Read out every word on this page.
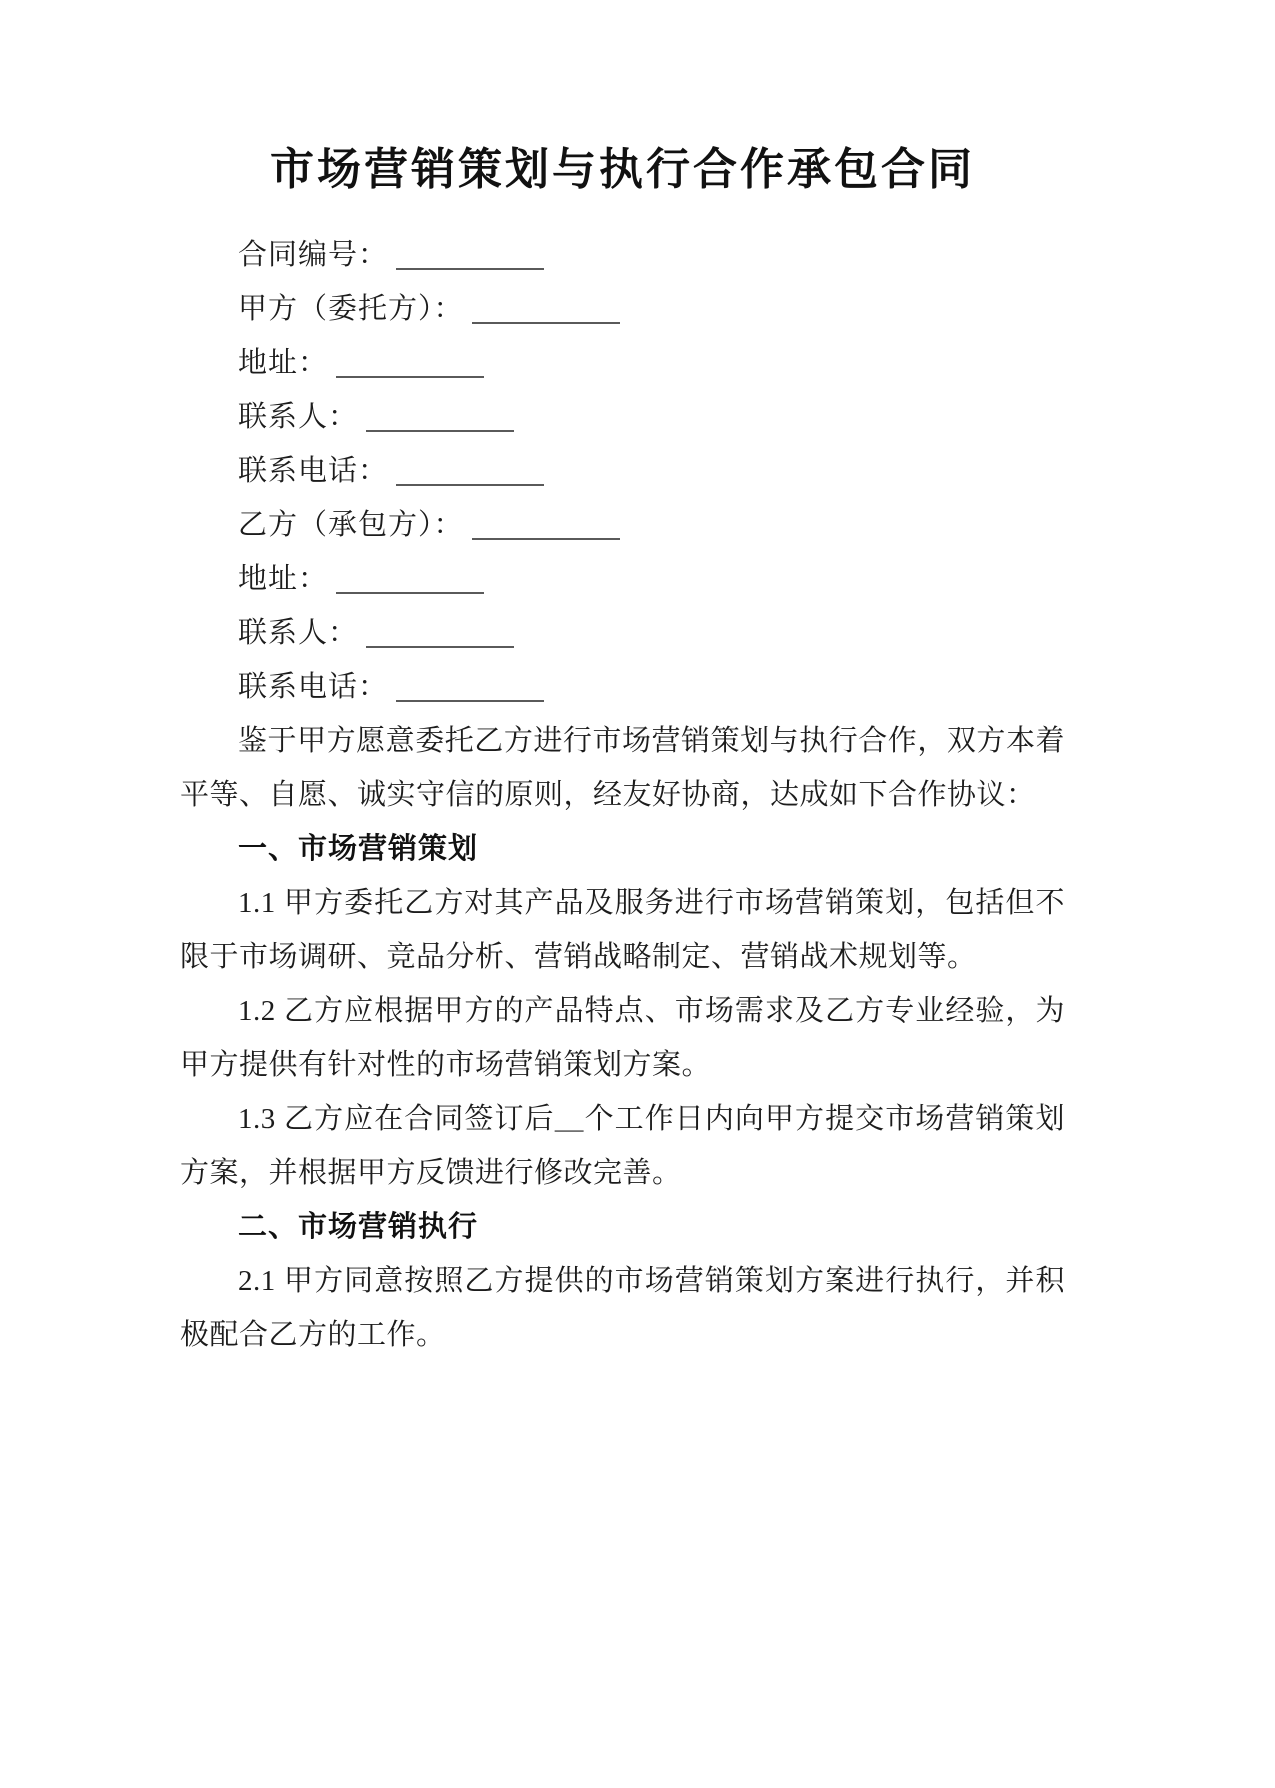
市场营销策划与执行合作承包合同
合同编号：
甲方（委托方）：
地址：
联系人：
联系电话：
乙方（承包方）：
地址：
联系人：
联系电话：

鉴于甲方愿意委托乙方进行市场营销策划与执行合作，双方本着平等、自愿、诚实守信的原则，经友好协商，达成如下合作协议：

一、市场营销策划

1.1 甲方委托乙方对其产品及服务进行市场营销策划，包括但不限于市场调研、竞品分析、营销战略制定、营销战术规划等。

1.2 乙方应根据甲方的产品特点、市场需求及乙方专业经验，为甲方提供有针对性的市场营销策划方案。

1.3 乙方应在合同签订后＿个工作日内向甲方提交市场营销策划方案，并根据甲方反馈进行修改完善。

二、市场营销执行

2.1 甲方同意按照乙方提供的市场营销策划方案进行执行，并积极配合乙方的工作。
